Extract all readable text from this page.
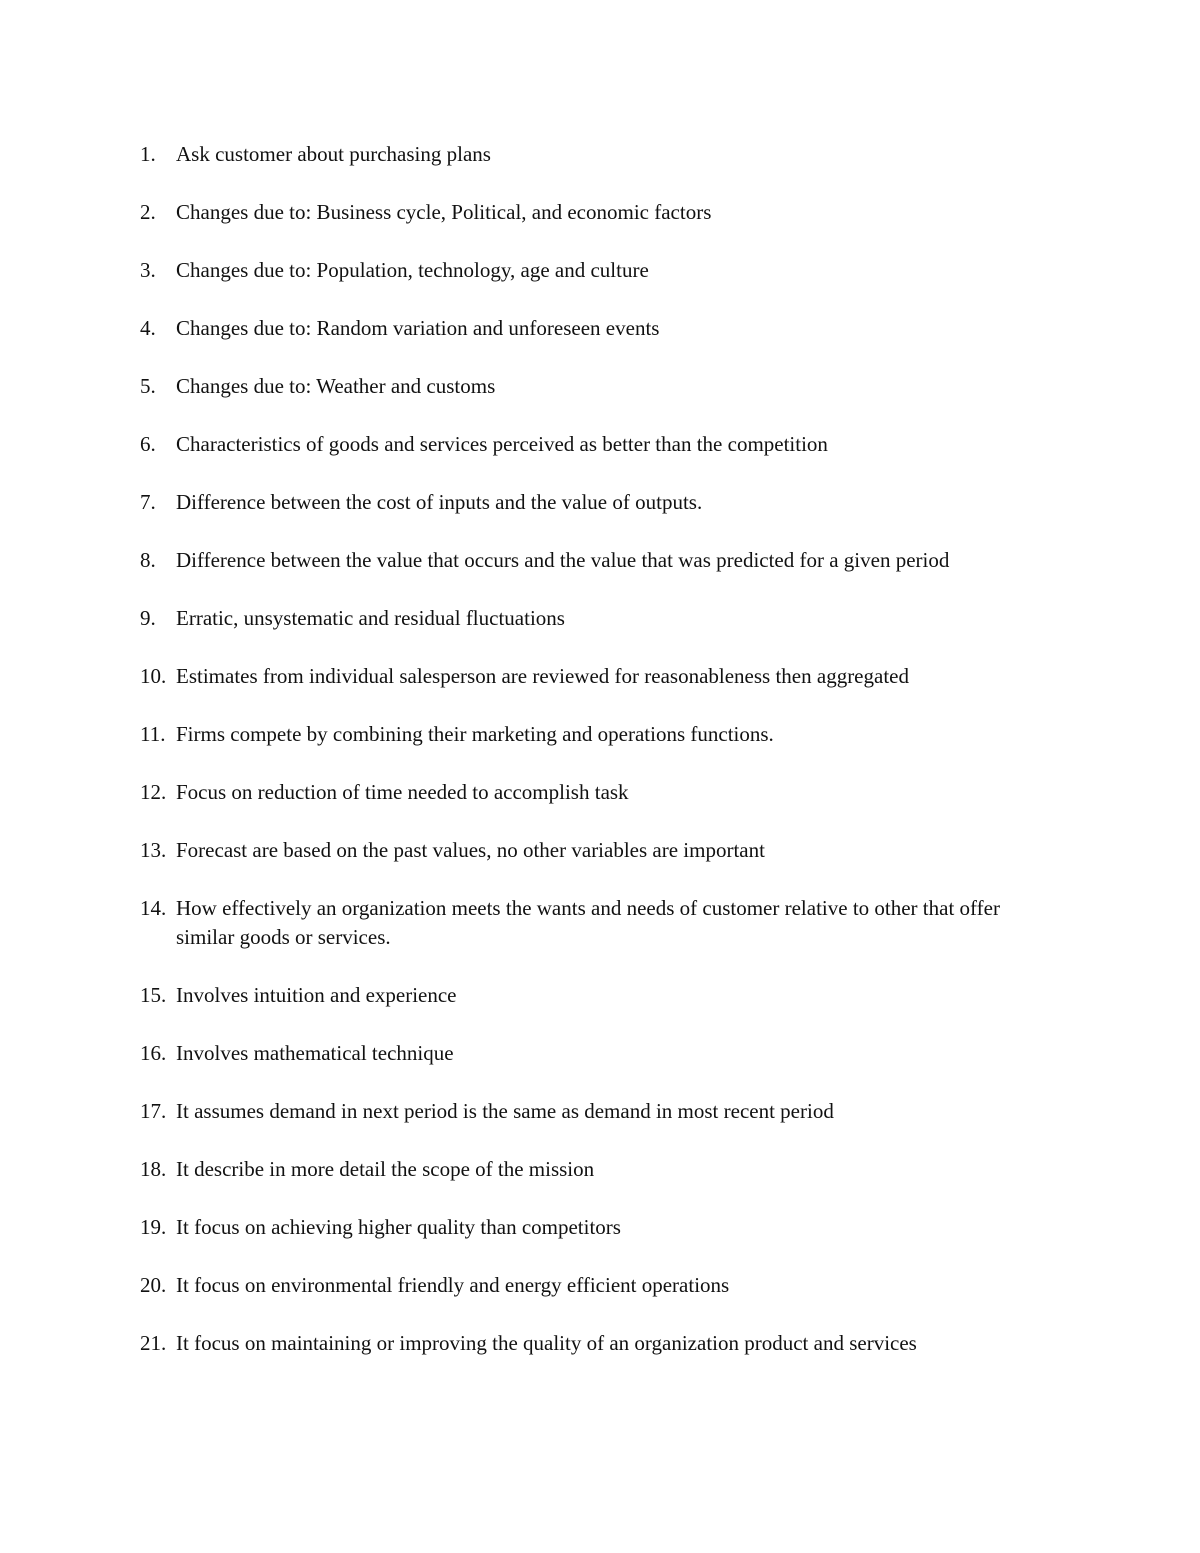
1. Ask customer about purchasing plans
2. Changes due to: Business cycle, Political, and economic factors
3. Changes due to: Population, technology, age and culture
4. Changes due to: Random variation and unforeseen events
5. Changes due to: Weather and customs
6. Characteristics of goods and services perceived as better than the competition
7. Difference between the cost of inputs and the value of outputs.
8. Difference between the value that occurs and the value that was predicted for a given period
9. Erratic, unsystematic and residual fluctuations
10. Estimates from individual salesperson are reviewed for reasonableness then aggregated
11. Firms compete by combining their marketing and operations functions.
12. Focus on reduction of time needed to accomplish task
13. Forecast are based on the past values, no other variables are important
14. How effectively an organization meets the wants and needs of customer relative to other that offer similar goods or services.
15. Involves intuition and experience
16. Involves mathematical technique
17. It assumes demand in next period is the same as demand in most recent period
18. It describe in more detail the scope of the mission
19. It focus on achieving higher quality than competitors
20. It focus on environmental friendly and energy efficient operations
21. It focus on maintaining or improving the quality of an organization product and services
